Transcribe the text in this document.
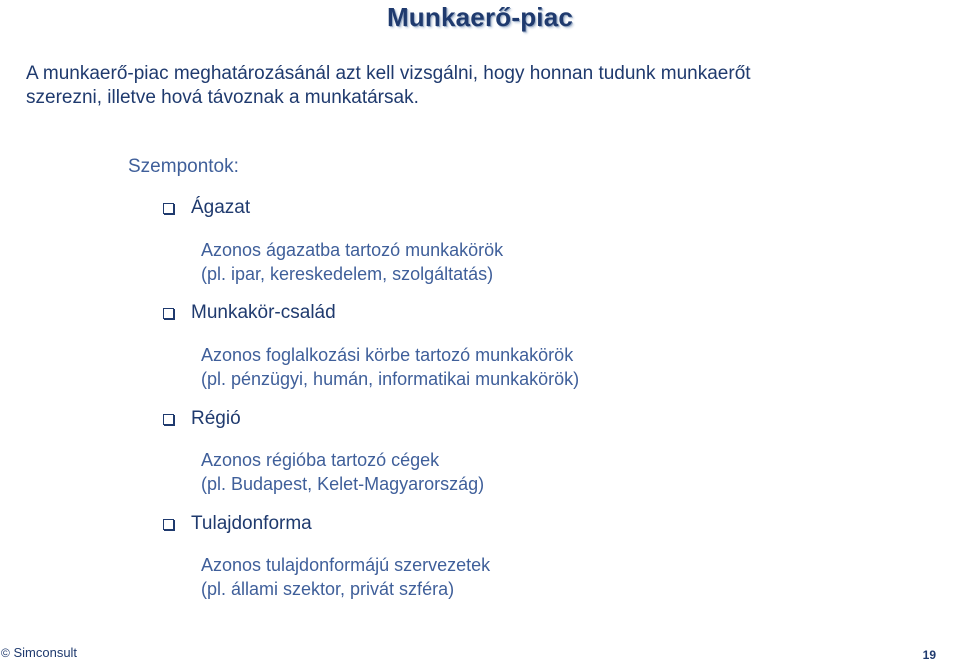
Munkaerő-piac
A munkaerő-piac meghatározásánál azt kell vizsgálni, hogy honnan tudunk munkaerőt
szerezni, illetve hová távoznak a munkatársak.
Szempontok:
Ágazat
Azonos ágazatba tartozó munkakörök
(pl. ipar, kereskedelem, szolgáltatás)
Munkakör-család
Azonos foglalkozási körbe tartozó munkakörök
(pl. pénzügyi, humán, informatikai munkakörök)
Régió
Azonos régióba tartozó cégek
(pl. Budapest, Kelet-Magyarország)
Tulajdonforma
Azonos tulajdonformájú szervezetek
(pl. állami szektor, privát szféra)
© Simconsult	19
